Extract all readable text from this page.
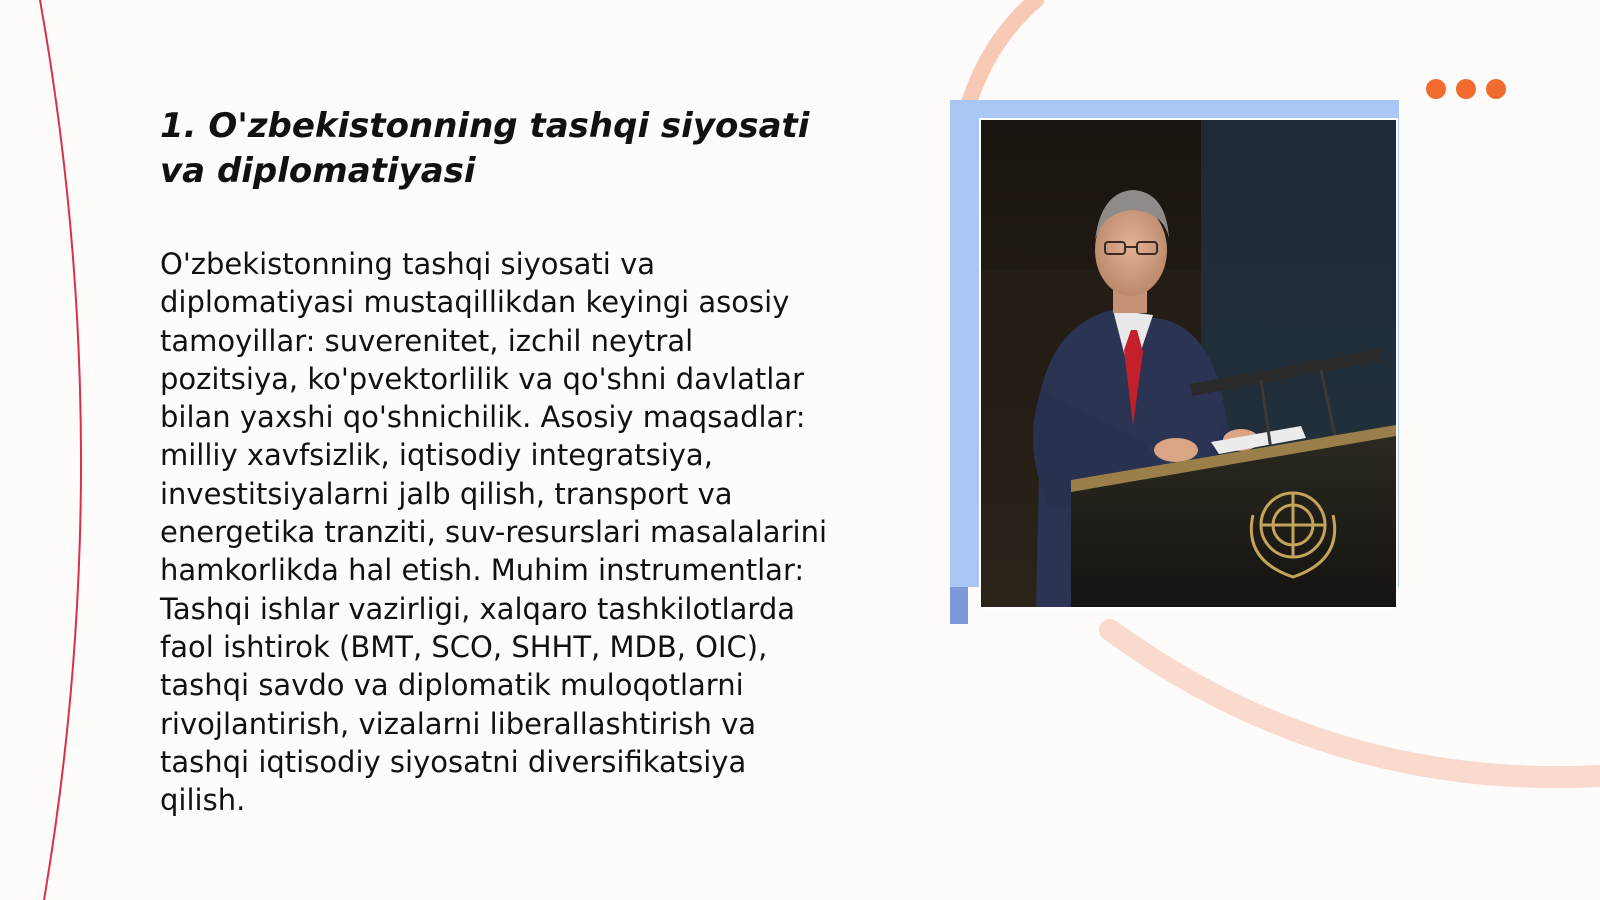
1. O'zbekistonning tashqi siyosati va diplomatiyasi

O'zbekistonning tashqi siyosati va diplomatiyasi mustaqillikdan keyingi asosiy tamoyillar: suverenitet, izchil neytral pozitsiya, ko'pvektorlilik va qo'shni davlatlar bilan yaxshi qo'shnichilik. Asosiy maqsadlar: milliy xavfsizlik, iqtisodiy integratsiya, investitsiyalarni jalb qilish, transport va energetika tranziti, suv-resurslari masalalarini hamkorlikda hal etish. Muhim instrumentlar: Tashqi ishlar vazirligi, xalqaro tashkilotlarda faol ishtirok (BMT, SCO, SHHT, MDB, OIC), tashqi savdo va diplomatik muloqotlarni rivojlantirish, vizalarni liberallashtirish va tashqi iqtisodiy siyosatni diversifikatsiya qilish.
